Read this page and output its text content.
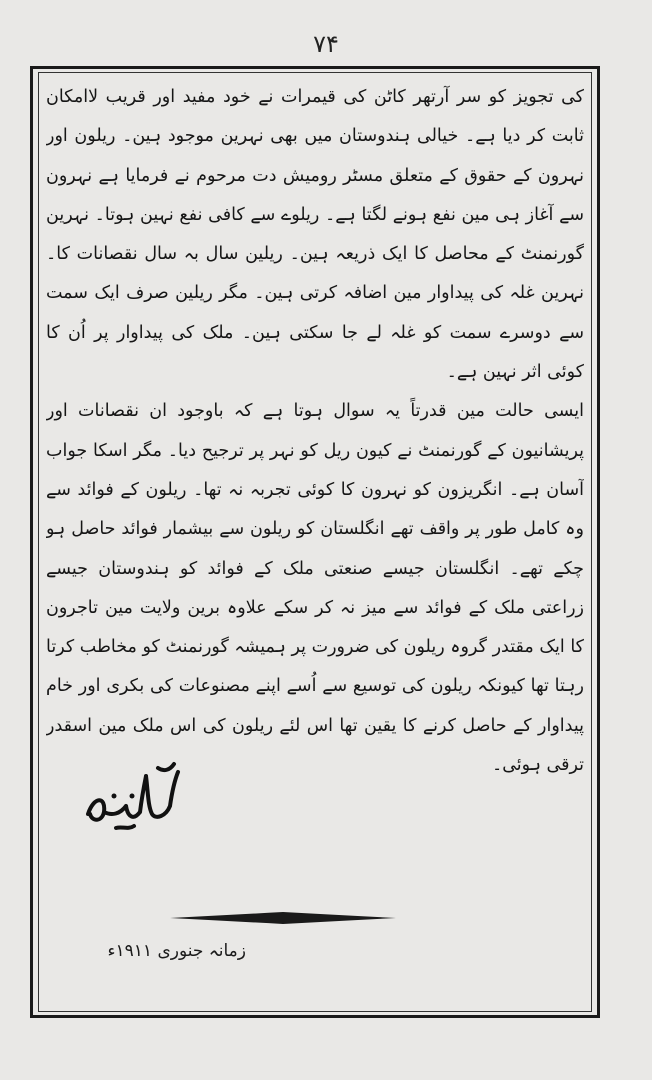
۷۴

کی تجویز کو سر آرتھر کاٹن کی قیمرات نے خود مفید اور قریب لاامکان ثابت کر دیا ہے۔ خیالی ہندوستان میں بھی نہرین موجود ہین۔ ریلون اور نہرون کے حقوق کے متعلق مسٹر رومیش دت مرحوم نے فرمایا ہے نہرون سے آغاز ہی مین نفع ہونے لگتا ہے۔ ریلوے سے کافی نفع نہین ہوتا۔ نہرین گورنمنٹ کے محاصل کا ایک ذریعہ ہین۔ ریلین سال بہ سال نقصانات کا۔ نہرین غلہ کی پیداوار مین اضافہ کرتی ہین۔ مگر ریلین صرف ایک سمت سے دوسرے سمت کو غلہ لے جا سکتی ہین۔ ملک کی پیداوار پر اُن کا کوئی اثر نہین ہے۔

ایسی حالت مین قدرتاً یہ سوال ہوتا ہے کہ باوجود ان نقصانات اور پریشانیون کے گورنمنٹ نے کیون ریل کو نہر پر ترجیح دیا۔ مگر اسکا جواب آسان ہے۔ انگریزون کو نہرون کا کوئی تجربہ نہ تھا۔ ریلون کے فوائد سے وہ کامل طور پر واقف تھے انگلستان کو ریلون سے بیشمار فوائد حاصل ہو چکے تھے۔ انگلستان جیسے صنعتی ملک کے فوائد کو ہندوستان جیسے زراعتی ملک کے فوائد سے میز نہ کر سکے علاوہ برین ولایت مین تاجرون کا ایک مقتدر گروہ ریلون کی ضرورت پر ہمیشہ گورنمنٹ کو مخاطب کرتا رہتا تھا کیونکہ ریلون کی توسیع سے اُسے اپنے مصنوعات کی بکری اور خام پیداوار کے حاصل کرنے کا یقین تھا اس لئے ریلون کی اس ملک مین اسقدر ترقی ہوئی۔

زمانہ جنوری ۱۹۱۱ء
